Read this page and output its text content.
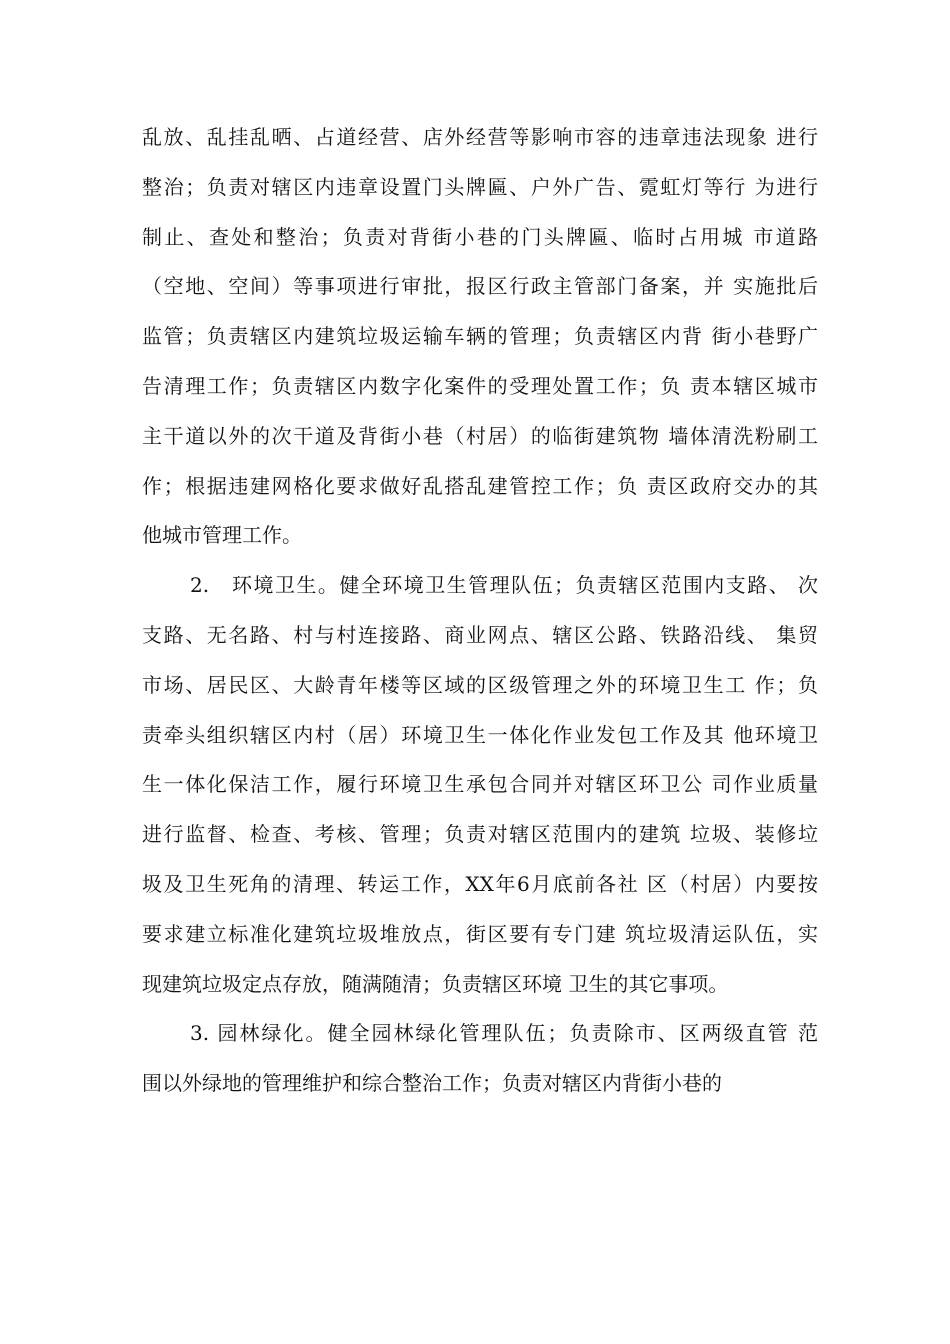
乱放、乱挂乱晒、占道经营、店外经营等影响市容的违章违法现象 进行
整治；负责对辖区内违章设置门头牌匾、户外广告、霓虹灯等行 为进行
制止、查处和整治；负责对背街小巷的门头牌匾、临时占用城 市道路
（空地、空间）等事项进行审批，报区行政主管部门备案，并 实施批后
监管；负责辖区内建筑垃圾运输车辆的管理；负责辖区内背 街小巷野广
告清理工作；负责辖区内数字化案件的受理处置工作；负 责本辖区城市
主干道以外的次干道及背街小巷（村居）的临街建筑物 墙体清洗粉刷工
作；根据违建网格化要求做好乱搭乱建管控工作；负 责区政府交办的其
他城市管理工作。
2.　环境卫生。健全环境卫生管理队伍；负责辖区范围内支路、 次
支路、无名路、村与村连接路、商业网点、辖区公路、铁路沿线、 集贸
市场、居民区、大龄青年楼等区域的区级管理之外的环境卫生工 作；负
责牵头组织辖区内村（居）环境卫生一体化作业发包工作及其 他环境卫
生一体化保洁工作，履行环境卫生承包合同并对辖区环卫公 司作业质量
进行监督、检查、考核、管理；负责对辖区范围内的建筑 垃圾、装修垃
圾及卫生死角的清理、转运工作，XX年6月底前各社 区（村居）内要按
要求建立标准化建筑垃圾堆放点，街区要有专门建 筑垃圾清运队伍，实
现建筑垃圾定点存放，随满随清；负责辖区环境 卫生的其它事项。
3. 园林绿化。健全园林绿化管理队伍；负责除市、区两级直管 范
围以外绿地的管理维护和综合整治工作；负责对辖区内背街小巷的
